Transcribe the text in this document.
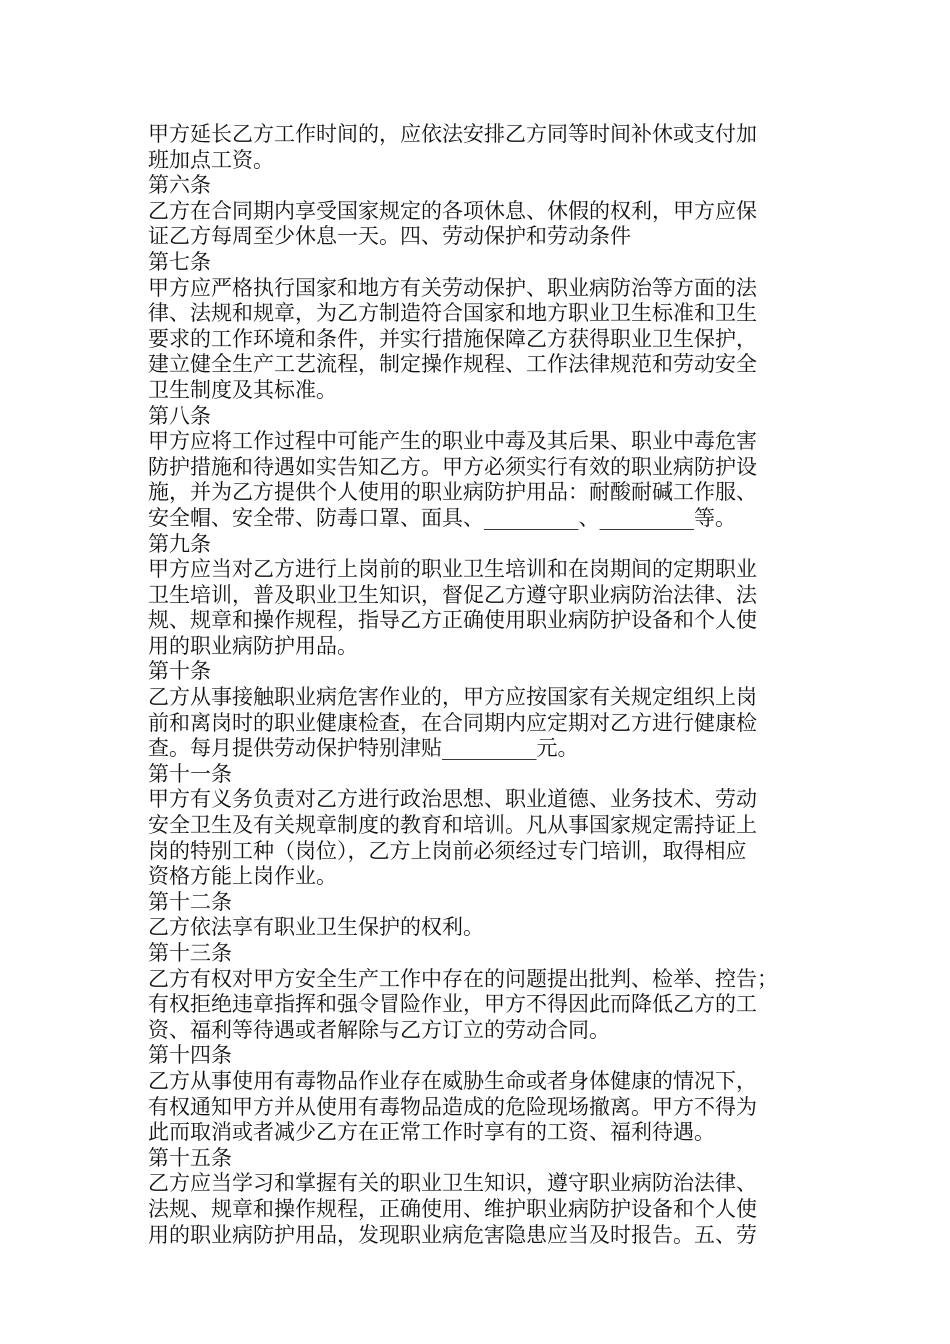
甲方延长乙方工作时间的，应依法安排乙方同等时间补休或支付加
班加点工资。
第六条
乙方在合同期内享受国家规定的各项休息、休假的权利，甲方应保
证乙方每周至少休息一天。四、劳动保护和劳动条件
第七条
甲方应严格执行国家和地方有关劳动保护、职业病防治等方面的法
律、法规和规章，为乙方制造符合国家和地方职业卫生标准和卫生
要求的工作环境和条件，并实行措施保障乙方获得职业卫生保护，
建立健全生产工艺流程，制定操作规程、工作法律规范和劳动安全
卫生制度及其标准。
第八条
甲方应将工作过程中可能产生的职业中毒及其后果、职业中毒危害
防护措施和待遇如实告知乙方。甲方必须实行有效的职业病防护设
施，并为乙方提供个人使用的职业病防护用品：耐酸耐碱工作服、
安全帽、安全带、防毒口罩、面具、_________、_________等。
第九条
甲方应当对乙方进行上岗前的职业卫生培训和在岗期间的定期职业
卫生培训，普及职业卫生知识，督促乙方遵守职业病防治法律、法
规、规章和操作规程，指导乙方正确使用职业病防护设备和个人使
用的职业病防护用品。
第十条
乙方从事接触职业病危害作业的，甲方应按国家有关规定组织上岗
前和离岗时的职业健康检查，在合同期内应定期对乙方进行健康检
查。每月提供劳动保护特别津贴_________元。
第十一条
甲方有义务负责对乙方进行政治思想、职业道德、业务技术、劳动
安全卫生及有关规章制度的教育和培训。凡从事国家规定需持证上
岗的特别工种（岗位），乙方上岗前必须经过专门培训，取得相应
资格方能上岗作业。
第十二条
乙方依法享有职业卫生保护的权利。
第十三条
乙方有权对甲方安全生产工作中存在的问题提出批判、检举、控告；
有权拒绝违章指挥和强令冒险作业，甲方不得因此而降低乙方的工
资、福利等待遇或者解除与乙方订立的劳动合同。
第十四条
乙方从事使用有毒物品作业存在威胁生命或者身体健康的情况下，
有权通知甲方并从使用有毒物品造成的危险现场撤离。甲方不得为
此而取消或者减少乙方在正常工作时享有的工资、福利待遇。
第十五条
乙方应当学习和掌握有关的职业卫生知识，遵守职业病防治法律、
法规、规章和操作规程，正确使用、维护职业病防护设备和个人使
用的职业病防护用品，发现职业病危害隐患应当及时报告。五、劳
